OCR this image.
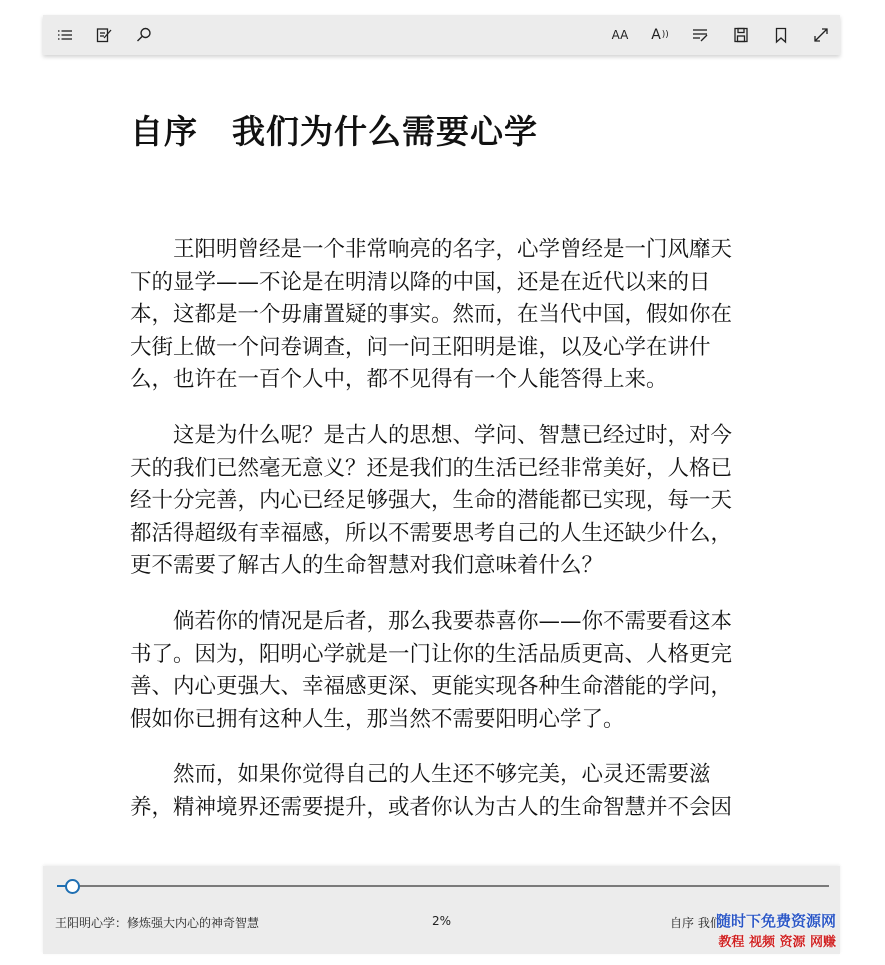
AA A ))
自序　我们为什么需要心学

王阳明曾经是一个非常响亮的名字，心学曾经是一门风靡天下的显学——不论是在明清以降的中国，还是在近代以来的日本，这都是一个毋庸置疑的事实。然而，在当代中国，假如你在大街上做一个问卷调查，问一问王阳明是谁，以及心学在讲什么，也许在一百个人中，都不见得有一个人能答得上来。

这是为什么呢？是古人的思想、学问、智慧已经过时，对今天的我们已然毫无意义？还是我们的生活已经非常美好，人格已经十分完善，内心已经足够强大，生命的潜能都已实现，每一天都活得超级有幸福感，所以不需要思考自己的人生还缺少什么，更不需要了解古人的生命智慧对我们意味着什么？

倘若你的情况是后者，那么我要恭喜你——你不需要看这本书了。因为，阳明心学就是一门让你的生活品质更高、人格更完善、内心更强大、幸福感更深、更能实现各种生命潜能的学问，假如你已拥有这种人生，那当然不需要阳明心学了。

然而，如果你觉得自己的人生还不够完美，心灵还需要滋养，精神境界还需要提升，或者你认为古人的生命智慧并不会因

王阳明心学：修炼强大内心的神奇智慧	2%	自序 我们
随时下免费资源网
教程 视频 资源 网赚
